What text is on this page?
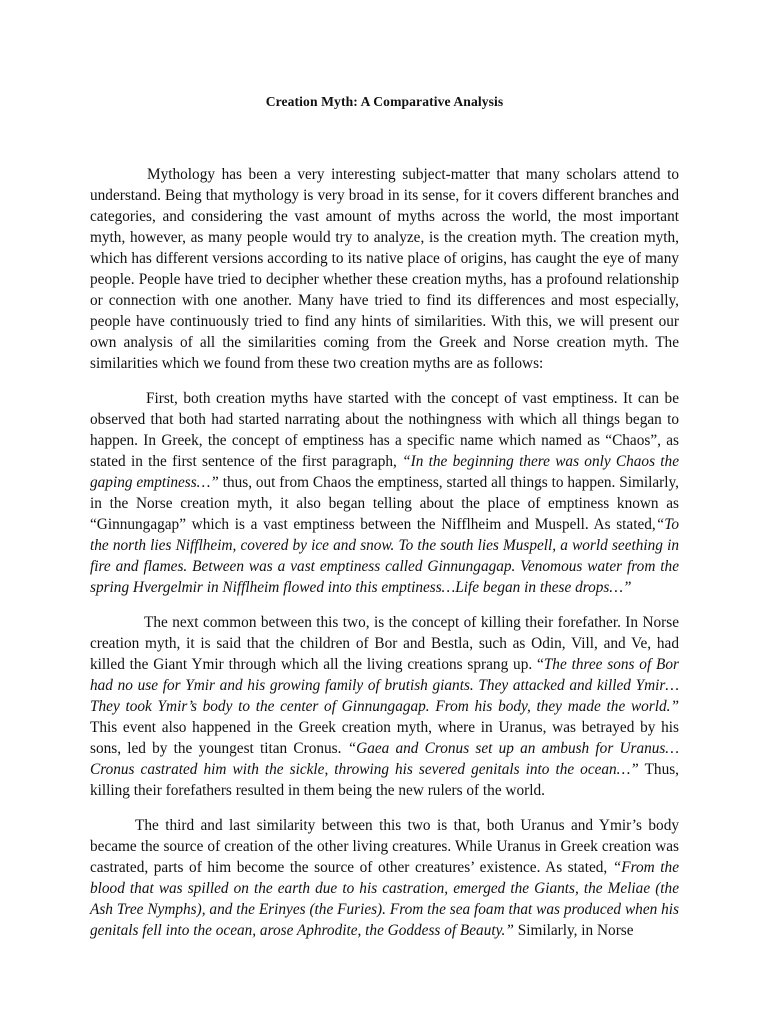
Creation Myth: A Comparative Analysis

Mythology has been a very interesting subject-matter that many scholars attend to understand. Being that mythology is very broad in its sense, for it covers different branches and categories, and considering the vast amount of myths across the world, the most important myth, however, as many people would try to analyze, is the creation myth. The creation myth, which has different versions according to its native place of origins, has caught the eye of many people. People have tried to decipher whether these creation myths, has a profound relationship or connection with one another. Many have tried to find its differences and most especially, people have continuously tried to find any hints of similarities. With this, we will present our own analysis of all the similarities coming from the Greek and Norse creation myth. The similarities which we found from these two creation myths are as follows:

First, both creation myths have started with the concept of vast emptiness. It can be observed that both had started narrating about the nothingness with which all things began to happen. In Greek, the concept of emptiness has a specific name which named as “Chaos”, as stated in the first sentence of the first paragraph, “In the beginning there was only Chaos the gaping emptiness…” thus, out from Chaos the emptiness, started all things to happen. Similarly, in the Norse creation myth, it also began telling about the place of emptiness known as “Ginnungagap” which is a vast emptiness between the Nifflheim and Muspell. As stated,“To the north lies Nifflheim, covered by ice and snow. To the south lies Muspell, a world seething in fire and flames. Between was a vast emptiness called Ginnungagap. Venomous water from the spring Hvergelmir in Nifflheim flowed into this emptiness…Life began in these drops…”

The next common between this two, is the concept of killing their forefather. In Norse creation myth, it is said that the children of Bor and Bestla, such as Odin, Vill, and Ve, had killed the Giant Ymir through which all the living creations sprang up. “The three sons of Bor had no use for Ymir and his growing family of brutish giants. They attacked and killed Ymir…They took Ymir’s body to the center of Ginnungagap. From his body, they made the world.” This event also happened in the Greek creation myth, where in Uranus, was betrayed by his sons, led by the youngest titan Cronus. “Gaea and Cronus set up an ambush for Uranus… Cronus castrated him with the sickle, throwing his severed genitals into the ocean…” Thus, killing their forefathers resulted in them being the new rulers of the world.

The third and last similarity between this two is that, both Uranus and Ymir’s body became the source of creation of the other living creatures. While Uranus in Greek creation was castrated, parts of him become the source of other creatures’ existence. As stated, “From the blood that was spilled on the earth due to his castration, emerged the Giants, the Meliae (the Ash Tree Nymphs), and the Erinyes (the Furies). From the sea foam that was produced when his genitals fell into the ocean, arose Aphrodite, the Goddess of Beauty.” Similarly, in Norse
